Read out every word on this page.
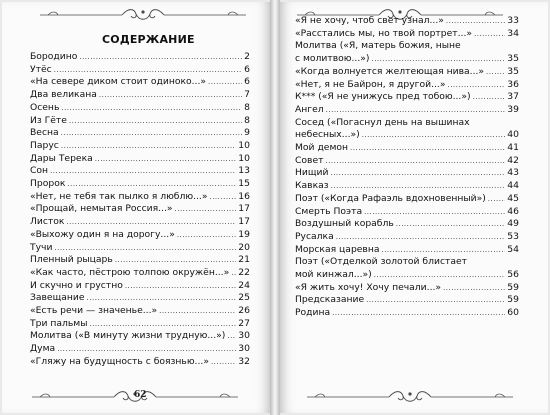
СОДЕРЖАНИЕ
Бородино .....	2
Утёс .....	6
«На севере диком стоит одиноко...» .....	6
Два великана .....	7
Осень .....	8
Из Гёте .....	8
Весна .....	9
Парус .....	10
Дары Терека .....	10
Сон .....	13
Пророк .....	15
«Нет, не тебя так пылко я люблю...» .....	16
«Прощай, немытая Россия...» .....	17
Листок .....	17
«Выхожу один я на дорогу...» .....	19
Тучи .....	20
Пленный рыцарь .....	21
«Как часто, пёстрою толпою окружён...» ..... 22
И скучно и грустно .....	24
Завещание .....	25
«Есть речи — значенье...» .....	26
Три пальмы .....	27
Молитва («В минуту жизни трудную...») ..... 30
Дума .....	30
«Гляжу на будущность с боязнью...» .....	32
«Я не хочу, чтоб свет узнал...» .....	33
«Расстались мы, но твой портрет...» .....	34
Молитва («Я, матерь божия, ныне
с молитвою...») .....	35
«Когда волнуется желтеющая нива...» .....	35
«Нет, я не Байрон, я другой...» .....	36
К*** («Я не унижусь пред тобою...») .....	37
Ангел .....	39
Сосед («Погаснул день на вышинах
небесных...») .....	40
Мой демон .....	41
Совет .....	42
Нищий .....	43
Кавказ .....	44
Поэт («Когда Рафаэль вдохновенный») ..... 45
Смерть Поэта .....	46
Воздушный корабль .....	49
Русалка .....	53
Морская царевна .....	54
Поэт («Отделкой золотой блистает
мой кинжал...») .....	56
«Я жить хочу! Хочу печали...» .....	59
Предсказание .....	59
Родина .....	60
62
